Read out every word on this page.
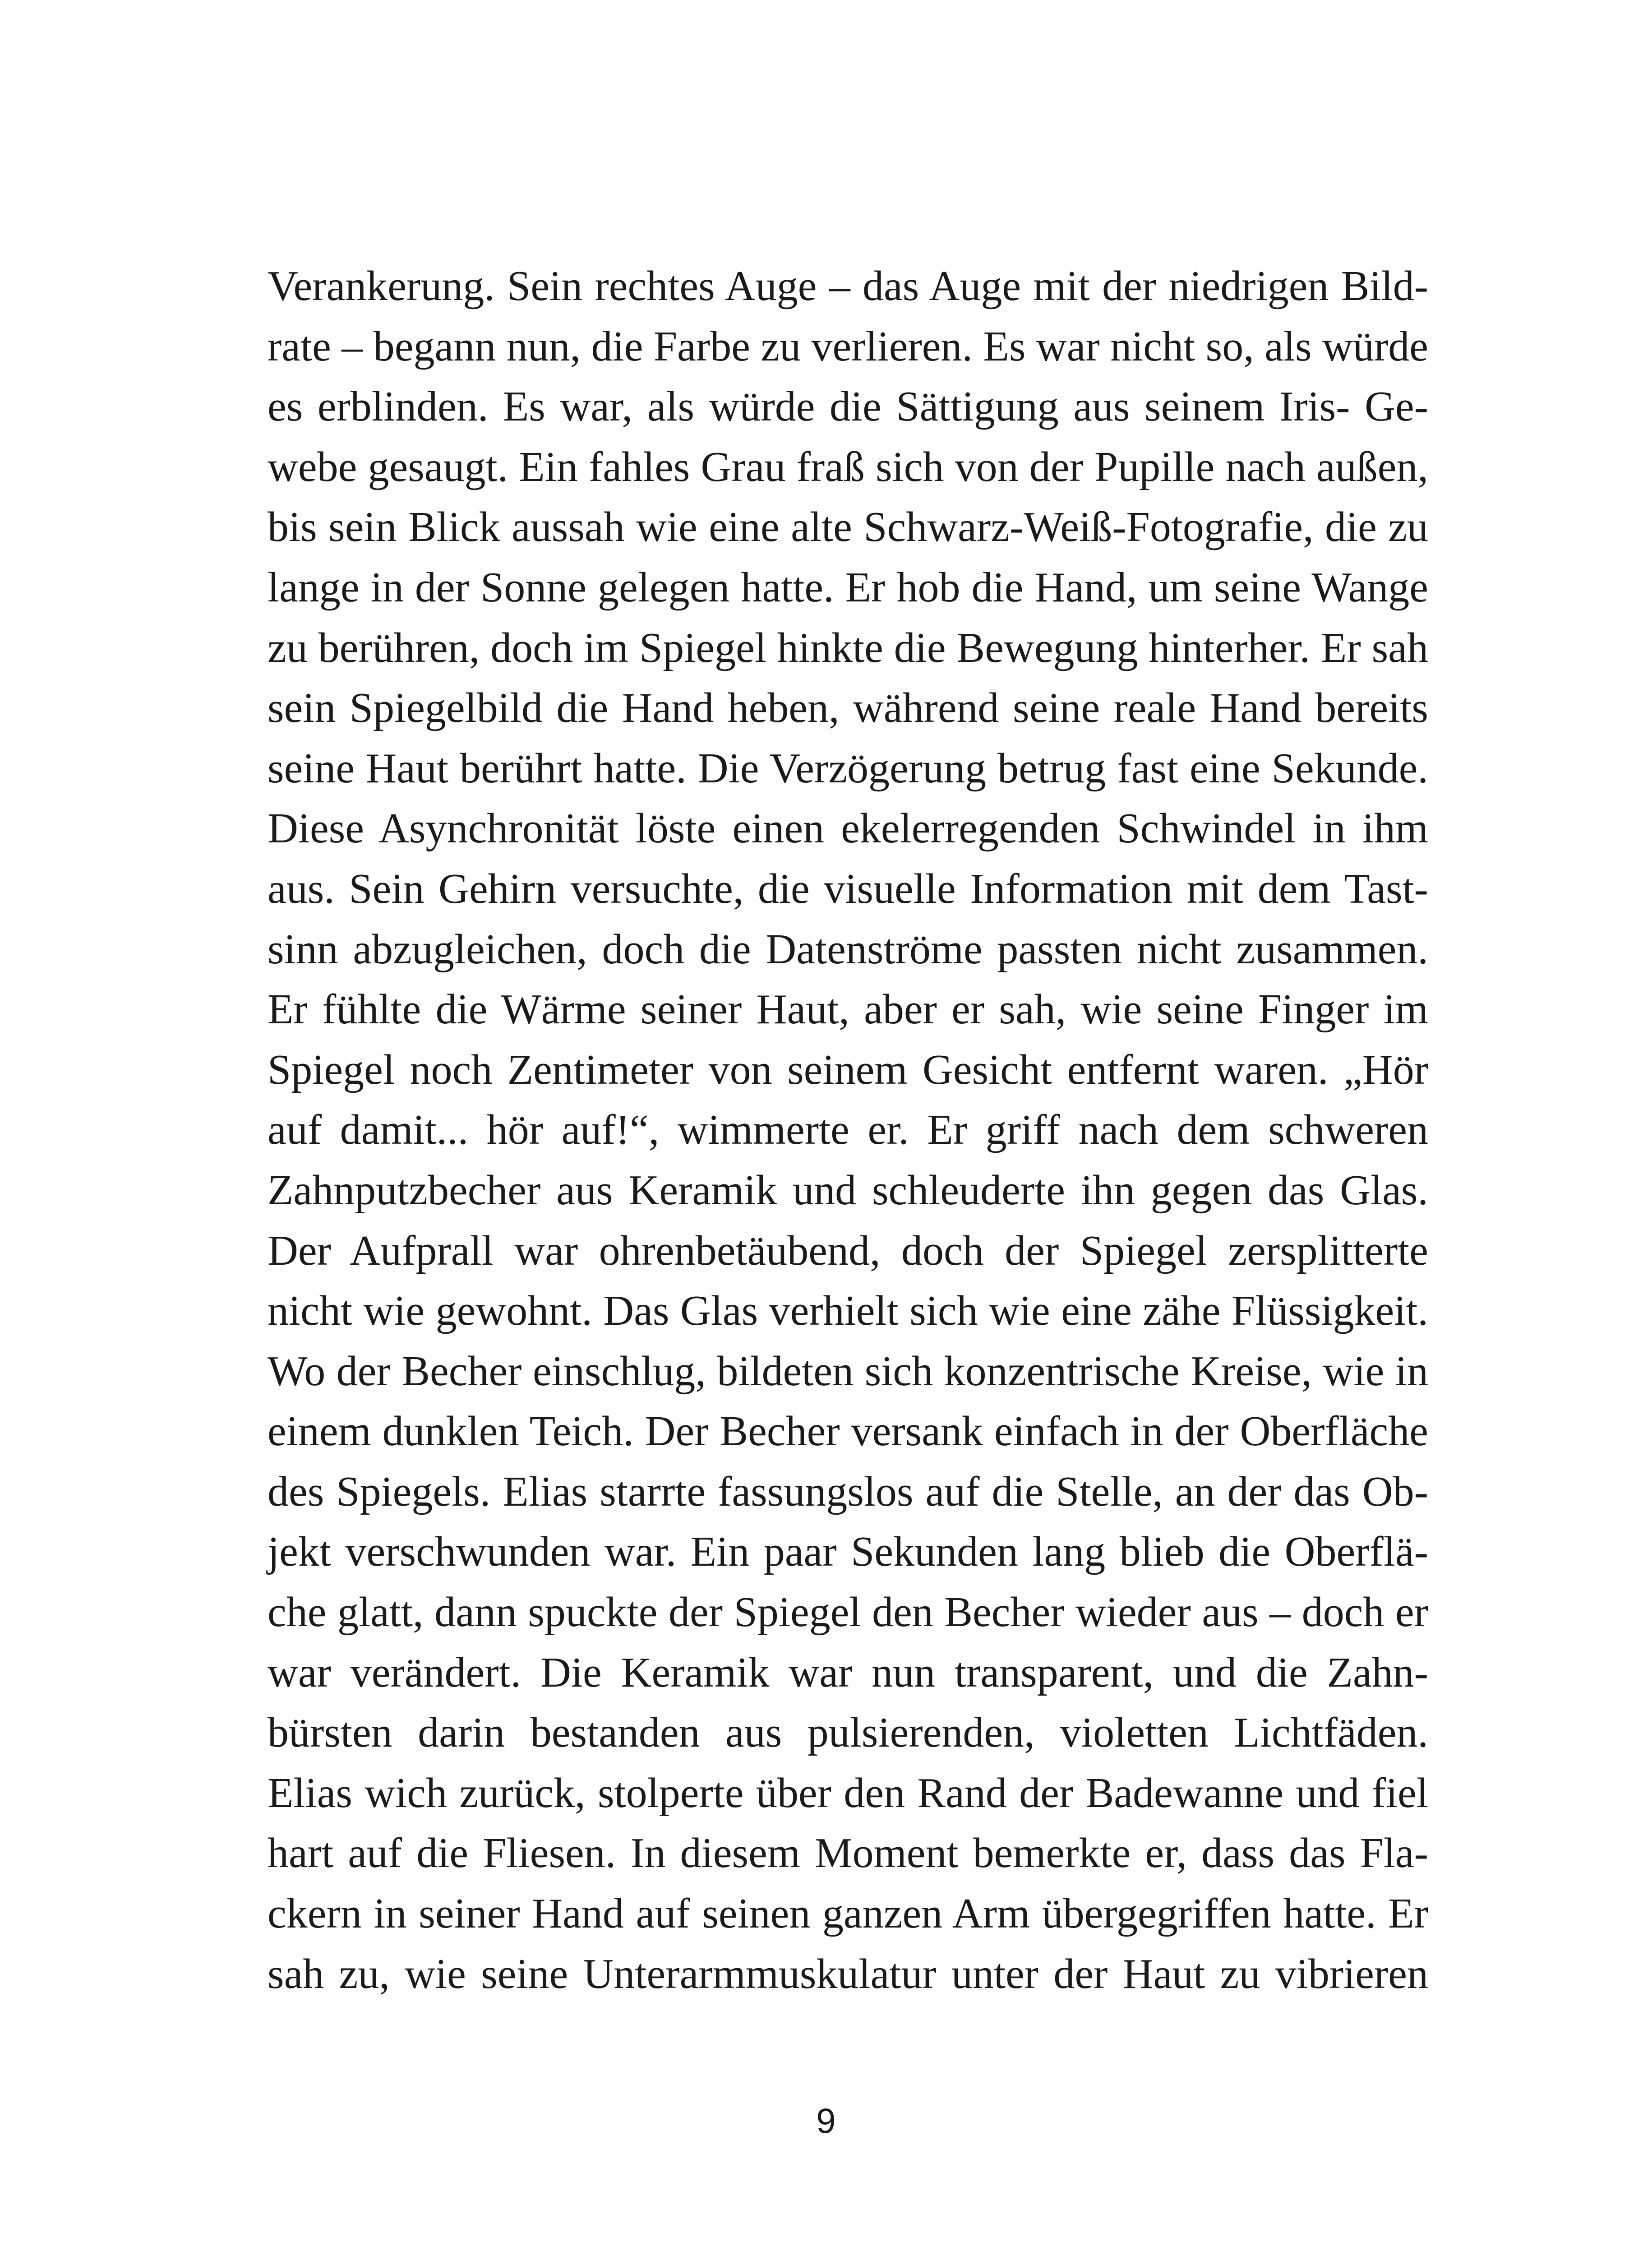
Verankerung. Sein rechtes Auge – das Auge mit der niedrigen Bild-
rate – begann nun, die Farbe zu verlieren. Es war nicht so, als würde
es erblinden. Es war, als würde die Sättigung aus seinem Iris- Ge-
webe gesaugt. Ein fahles Grau fraß sich von der Pupille nach außen,
bis sein Blick aussah wie eine alte Schwarz-Weiß-Fotografie, die zu
lange in der Sonne gelegen hatte. Er hob die Hand, um seine Wange
zu berühren, doch im Spiegel hinkte die Bewegung hinterher. Er sah
sein Spiegelbild die Hand heben, während seine reale Hand bereits
seine Haut berührt hatte. Die Verzögerung betrug fast eine Sekunde.
Diese Asynchronität löste einen ekelerregenden Schwindel in ihm
aus. Sein Gehirn versuchte, die visuelle Information mit dem Tast-
sinn abzugleichen, doch die Datenströme passten nicht zusammen.
Er fühlte die Wärme seiner Haut, aber er sah, wie seine Finger im
Spiegel noch Zentimeter von seinem Gesicht entfernt waren. „Hör
auf damit... hör auf!“, wimmerte er. Er griff nach dem schweren
Zahnputzbecher aus Keramik und schleuderte ihn gegen das Glas.
Der Aufprall war ohrenbetäubend, doch der Spiegel zersplitterte
nicht wie gewohnt. Das Glas verhielt sich wie eine zähe Flüssigkeit.
Wo der Becher einschlug, bildeten sich konzentrische Kreise, wie in
einem dunklen Teich. Der Becher versank einfach in der Oberfläche
des Spiegels. Elias starrte fassungslos auf die Stelle, an der das Ob-
jekt verschwunden war. Ein paar Sekunden lang blieb die Oberflä-
che glatt, dann spuckte der Spiegel den Becher wieder aus – doch er
war verändert. Die Keramik war nun transparent, und die Zahn-
bürsten darin bestanden aus pulsierenden, violetten Lichtfäden.
Elias wich zurück, stolperte über den Rand der Badewanne und fiel
hart auf die Fliesen. In diesem Moment bemerkte er, dass das Fla-
ckern in seiner Hand auf seinen ganzen Arm übergegriffen hatte. Er
sah zu, wie seine Unterarmmuskulatur unter der Haut zu vibrieren
9
